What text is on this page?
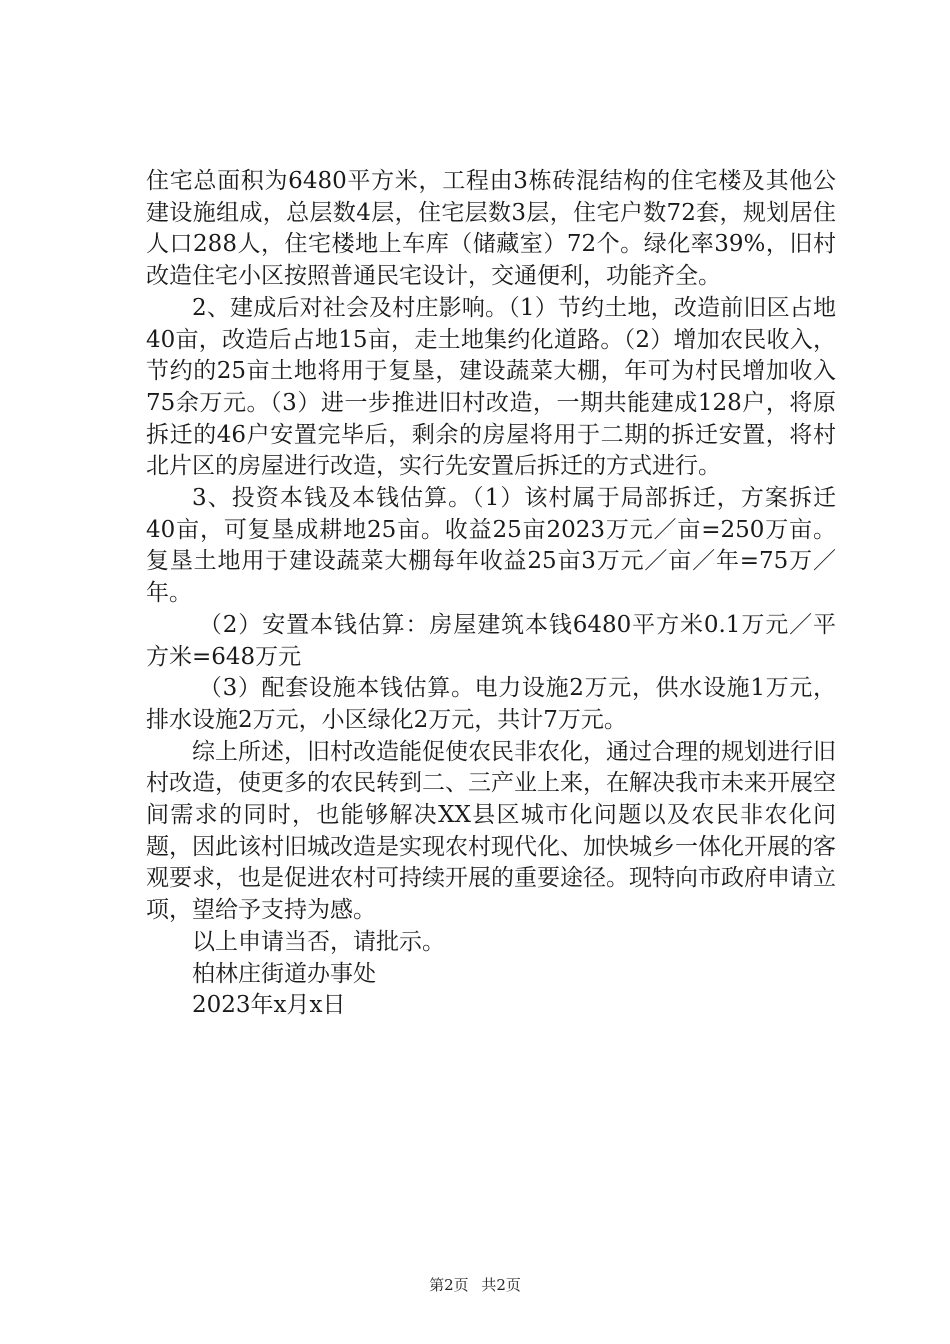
住宅总面积为6480平方米，工程由3栋砖混结构的住宅楼及其他公建设施组成，总层数4层，住宅层数3层，住宅户数72套，规划居住人口288人，住宅楼地上车库（储藏室）72个。绿化率39%，旧村改造住宅小区按照普通民宅设计，交通便利，功能齐全。

2、建成后对社会及村庄影响。（1）节约土地，改造前旧区占地40亩，改造后占地15亩，走土地集约化道路。（2）增加农民收入，节约的25亩土地将用于复垦，建设蔬菜大棚，年可为村民增加收入75余万元。（3）进一步推进旧村改造，一期共能建成128户，将原拆迁的46户安置完毕后，剩余的房屋将用于二期的拆迁安置，将村北片区的房屋进行改造，实行先安置后拆迁的方式进行。

3、投资本钱及本钱估算。（1）该村属于局部拆迁，方案拆迁40亩，可复垦成耕地25亩。收益25亩2023万元／亩=250万亩。复垦土地用于建设蔬菜大棚每年收益25亩3万元／亩／年=75万／年。

（2）安置本钱估算：房屋建筑本钱6480平方米0.1万元／平方米=648万元

（3）配套设施本钱估算。电力设施2万元，供水设施1万元，排水设施2万元，小区绿化2万元，共计7万元。

综上所述，旧村改造能促使农民非农化，通过合理的规划进行旧村改造，使更多的农民转到二、三产业上来，在解决我市未来开展空间需求的同时，也能够解决XX县区城市化问题以及农民非农化问题，因此该村旧城改造是实现农村现代化、加快城乡一体化开展的客观要求，也是促进农村可持续开展的重要途径。现特向市政府申请立项，望给予支持为感。

以上申请当否，请批示。

柏林庄街道办事处

2023年x月x日

第2页 共2页
